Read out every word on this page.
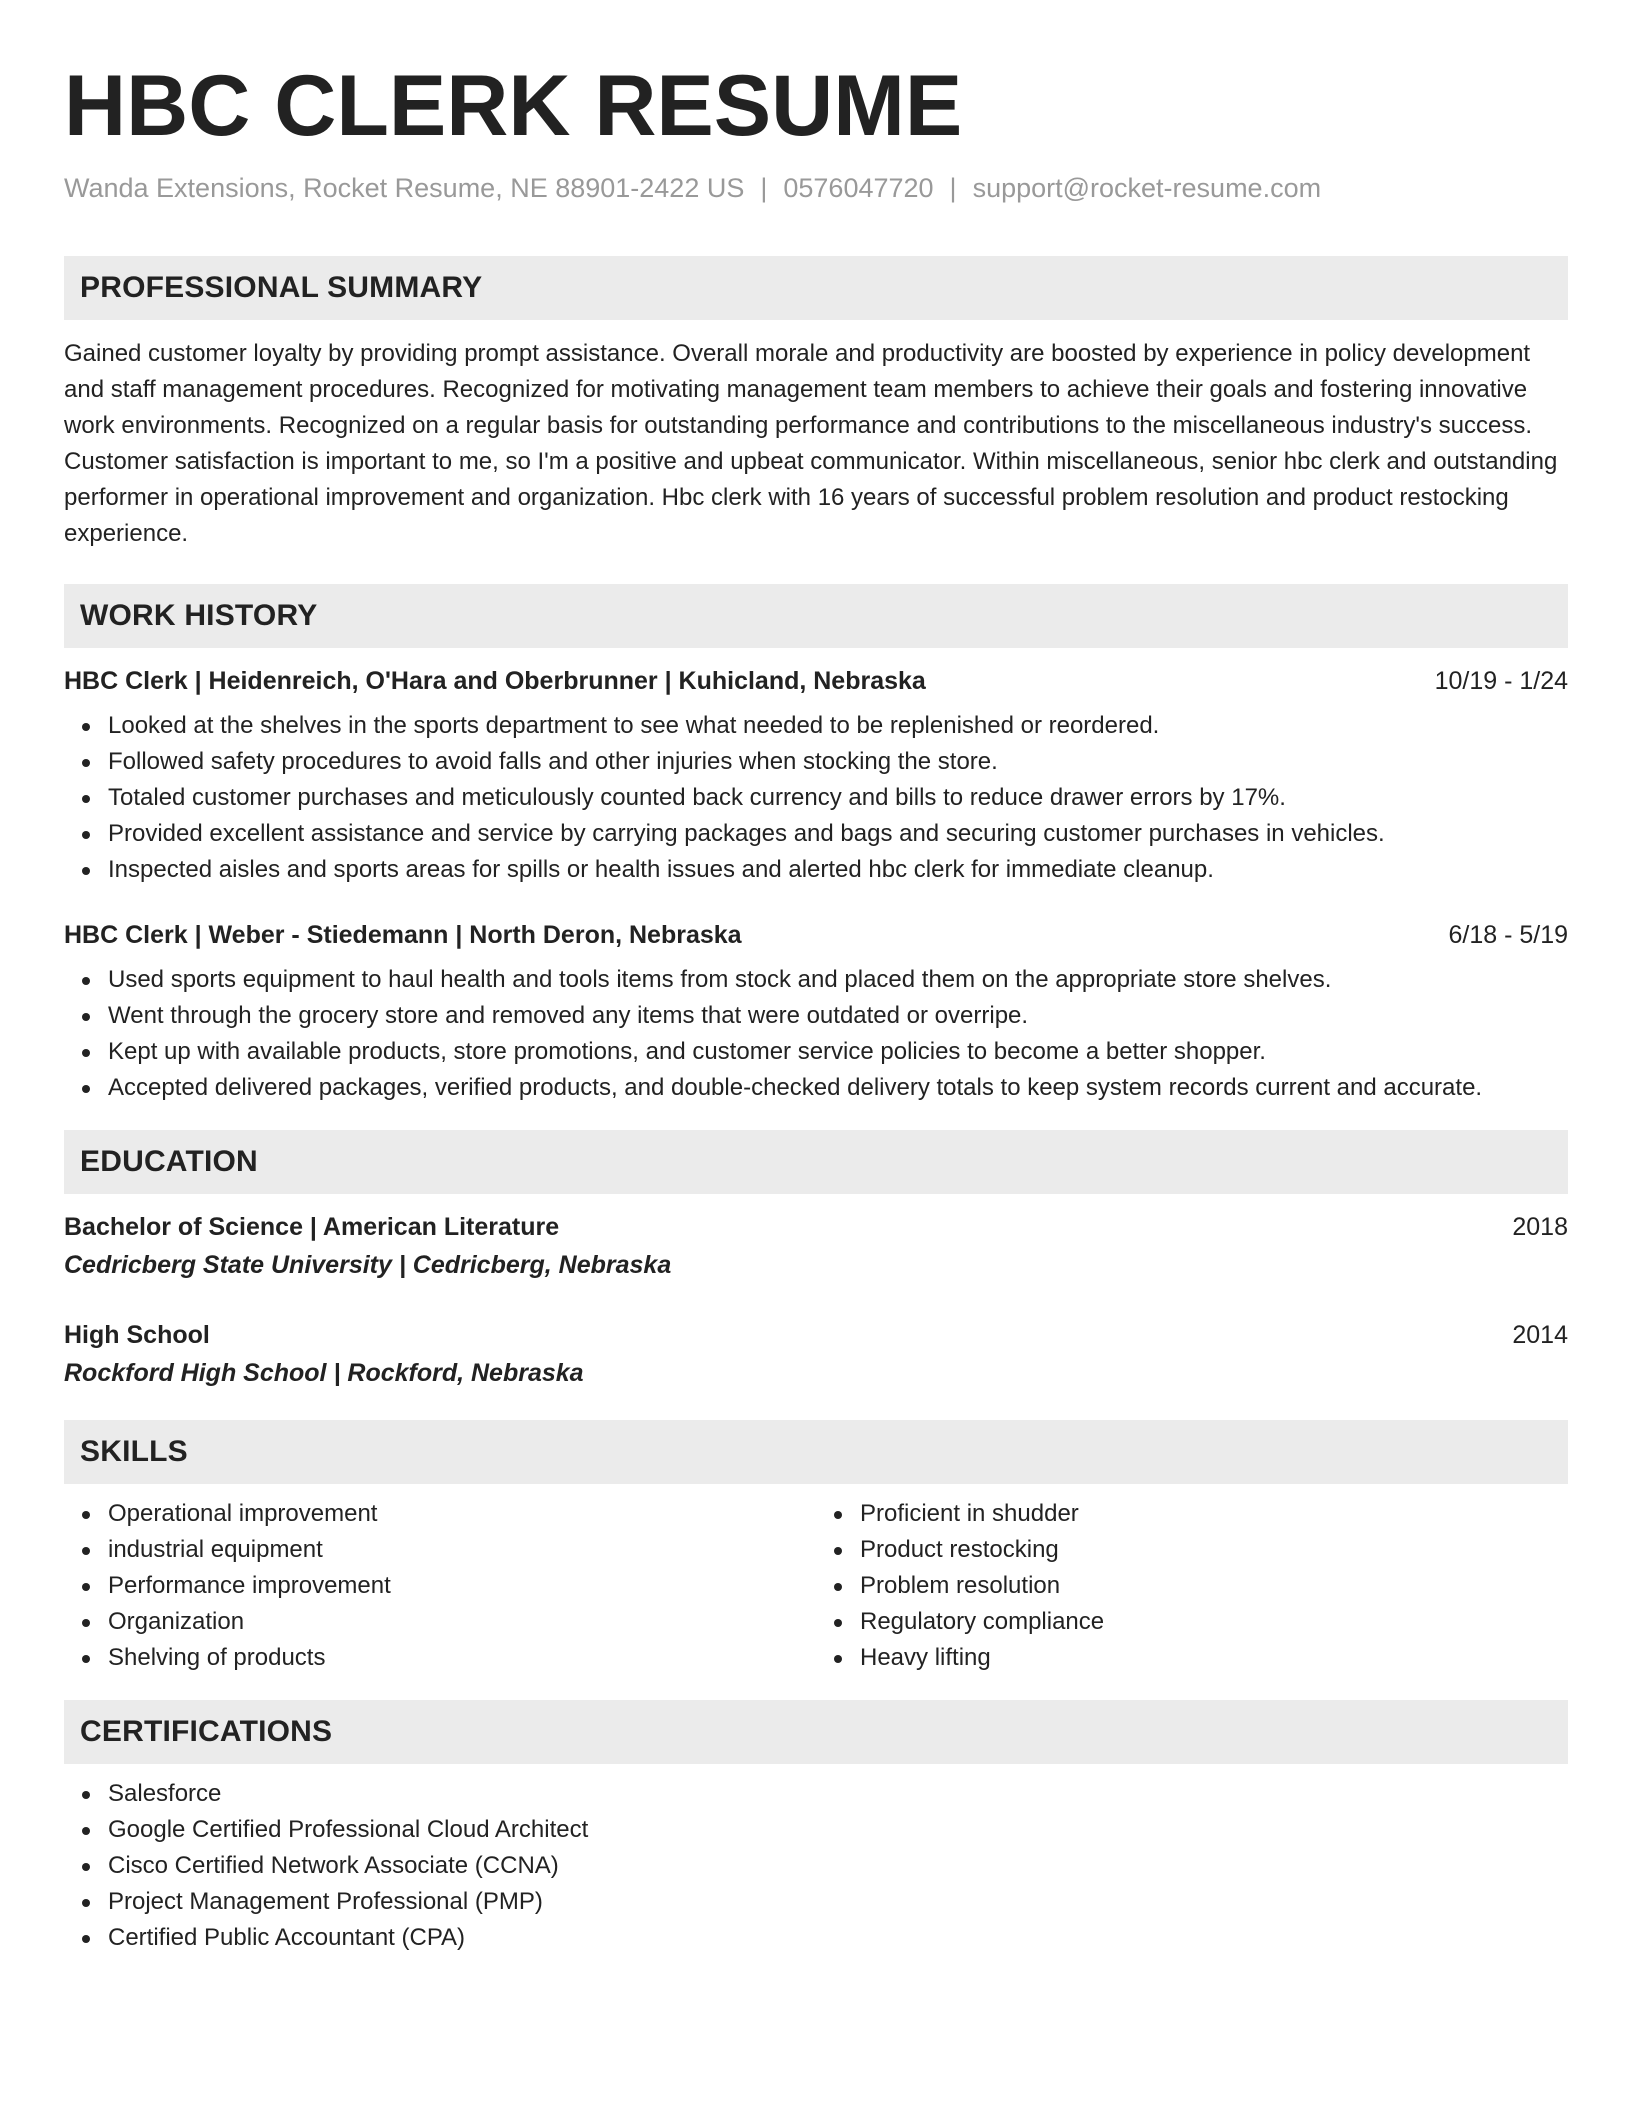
HBC CLERK RESUME
Wanda Extensions, Rocket Resume, NE 88901-2422 US | 0576047720 | support@rocket-resume.com
PROFESSIONAL SUMMARY
Gained customer loyalty by providing prompt assistance. Overall morale and productivity are boosted by experience in policy development and staff management procedures. Recognized for motivating management team members to achieve their goals and fostering innovative work environments. Recognized on a regular basis for outstanding performance and contributions to the miscellaneous industry's success. Customer satisfaction is important to me, so I'm a positive and upbeat communicator. Within miscellaneous, senior hbc clerk and outstanding performer in operational improvement and organization. Hbc clerk with 16 years of successful problem resolution and product restocking experience.
WORK HISTORY
HBC Clerk | Heidenreich, O'Hara and Oberbrunner | Kuhicland, Nebraska	10/19 - 1/24
Looked at the shelves in the sports department to see what needed to be replenished or reordered.
Followed safety procedures to avoid falls and other injuries when stocking the store.
Totaled customer purchases and meticulously counted back currency and bills to reduce drawer errors by 17%.
Provided excellent assistance and service by carrying packages and bags and securing customer purchases in vehicles.
Inspected aisles and sports areas for spills or health issues and alerted hbc clerk for immediate cleanup.
HBC Clerk | Weber - Stiedemann | North Deron, Nebraska	6/18 - 5/19
Used sports equipment to haul health and tools items from stock and placed them on the appropriate store shelves.
Went through the grocery store and removed any items that were outdated or overripe.
Kept up with available products, store promotions, and customer service policies to become a better shopper.
Accepted delivered packages, verified products, and double-checked delivery totals to keep system records current and accurate.
EDUCATION
Bachelor of Science | American Literature	2018
Cedricberg State University | Cedricberg, Nebraska
High School	2014
Rockford High School | Rockford, Nebraska
SKILLS
Operational improvement
industrial equipment
Performance improvement
Organization
Shelving of products
Proficient in shudder
Product restocking
Problem resolution
Regulatory compliance
Heavy lifting
CERTIFICATIONS
Salesforce
Google Certified Professional Cloud Architect
Cisco Certified Network Associate (CCNA)
Project Management Professional (PMP)
Certified Public Accountant (CPA)
